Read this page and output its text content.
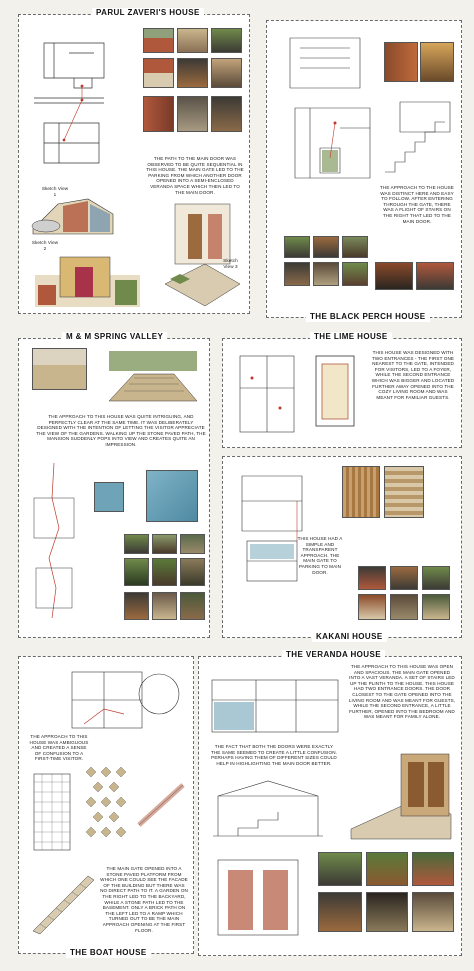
PARUL ZAVERI'S HOUSE
THE PATH TO THE MAIN DOOR WAS OBSERVED TO BE QUITE SEQUENTIAL IN THIS HOUSE. THE MAIN GATE LED TO THE PARKING FROM WHICH ANOTHER DOOR OPENED INTO A SEMI-ENCLOSED VERANDA SPACE WHICH THEN LED TO THE MAIN DOOR.
Sketch View 1
Sketch View 2
Sketch View 3
THE BLACK PERCH HOUSE
THE APPROACH TO THE HOUSE WAS DISTINCT HERE AND EASY TO FOLLOW. AFTER ENTERING THROUGH THE GATE, THERE WAS A FLIGHT OF STAIRS ON THE RIGHT THAT LED TO THE MAIN DOOR.
M & M SPRING VALLEY
THE APPROACH TO THIS HOUSE WAS QUITE INTRIGUING, AND PERFECTLY CLEAR AT THE SAME TIME. IT WAS DELIBERATELY DESIGNED WITH THE INTENTION OF LETTING THE VISITOR APPRECIATE THE VIEW OF THE GARDENS. WALKING UP THE STONE PAVED PATH, THE MANSION SUDDENLY POPS INTO VIEW AND CREATES QUITE AN IMPRESSION.
THE LIME HOUSE
THIS HOUSE WAS DESIGNED WITH TWO ENTRANCES - THE FIRST ONE NEAREST TO THE GATE, INTENDED FOR VISITORS, LED TO A FOYER, WHILE THE SECOND ENTRANCE WHICH WAS BIGGER AND LOCATED FURTHER AWAY OPENED INTO THE COZY LIVING ROOM AND WAS MEANT FOR FAMILIAR GUESTS.
KAKANI HOUSE
THIS HOUSE HAD A SIMPLE AND TRANSPARENT APPROACH. THE MAIN GATE TO PARKING TO MAIN DOOR.
THE BOAT HOUSE
THE APPROACH TO THIS HOUSE WAS AMBIGUOUS AND CREATED A SENSE OF CONFUSION TO A FIRST-TIME VISITOR.
THE MAIN GATE OPENED INTO A STONE PAVED PLATFORM FROM WHICH ONE COULD SEE THE FACADE OF THE BUILDING BUT THERE WAS NO DIRECT PATH TO IT. A GARDEN ON THE RIGHT LED TO THE BACKYARD, WHILE A STONE PATH LED TO THE BASEMENT. ONLY A BRICK PATH ON THE LEFT LED TO A RAMP WHICH TURNED OUT TO BE THE MAIN APPROACH OPENING AT THE FIRST FLOOR.
THE VERANDA HOUSE
THE APPROACH TO THIS HOUSE WAS OPEN AND SPACIOUS. THE MAIN GATE OPENED INTO A VAST VERANDA. A SET OF STAIRS LED UP THE PLINTH TO THE HOUSE. THIS HOUSE HAD TWO ENTRANCE DOORS. THE DOOR CLOSEST TO THE GATE OPENED INTO THE LIVING ROOM AND WAS MEANT FOR GUESTS, WHILE THE SECOND ENTRANCE, A LITTLE FURTHER, OPENED INTO THE BEDROOM AND WAS MEANT FOR FAMILY ALONE.
THE FACT THAT BOTH THE DOORS WERE EXACTLY THE SAME SEEMED TO CREATE A LITTLE CONFUSION. PERHAPS HAVING THEM OF DIFFERENT SIZES COULD HELP IN HIGHLIGHTING THE MAIN DOOR BETTER.
